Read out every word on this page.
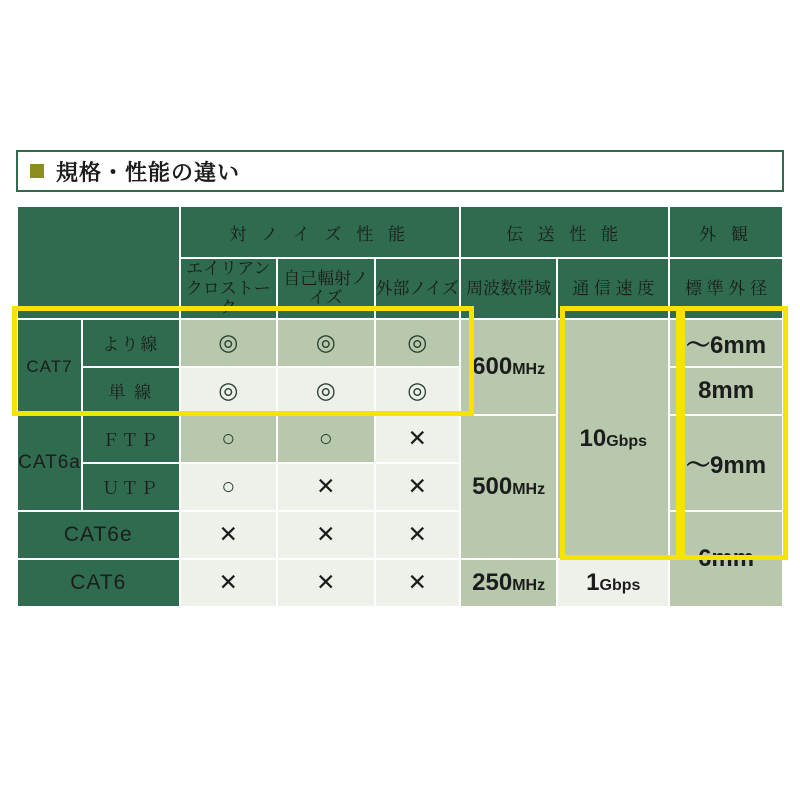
規格・性能の違い
		対 ノ イ ズ 性 能			伝 送 性 能		外 観

		エイリアン
クロストーク	自己輻射ノイズ	外部ノイズ	周波数帯域	通 信 速 度	標 準 外 径
CAT7	より線	◎	◎	◎	600MHz	10Gbps	〜6mm
	単 線	◎	◎	◎			8mm
CAT6a	ＦＴＰ	○	○	✕	500MHz		〜9mm
	ＵＴＰ	○	✕	✕			
CAT6e		✕	✕	✕			6mm
CAT6		✕	✕	✕	250MHz	1Gbps	
